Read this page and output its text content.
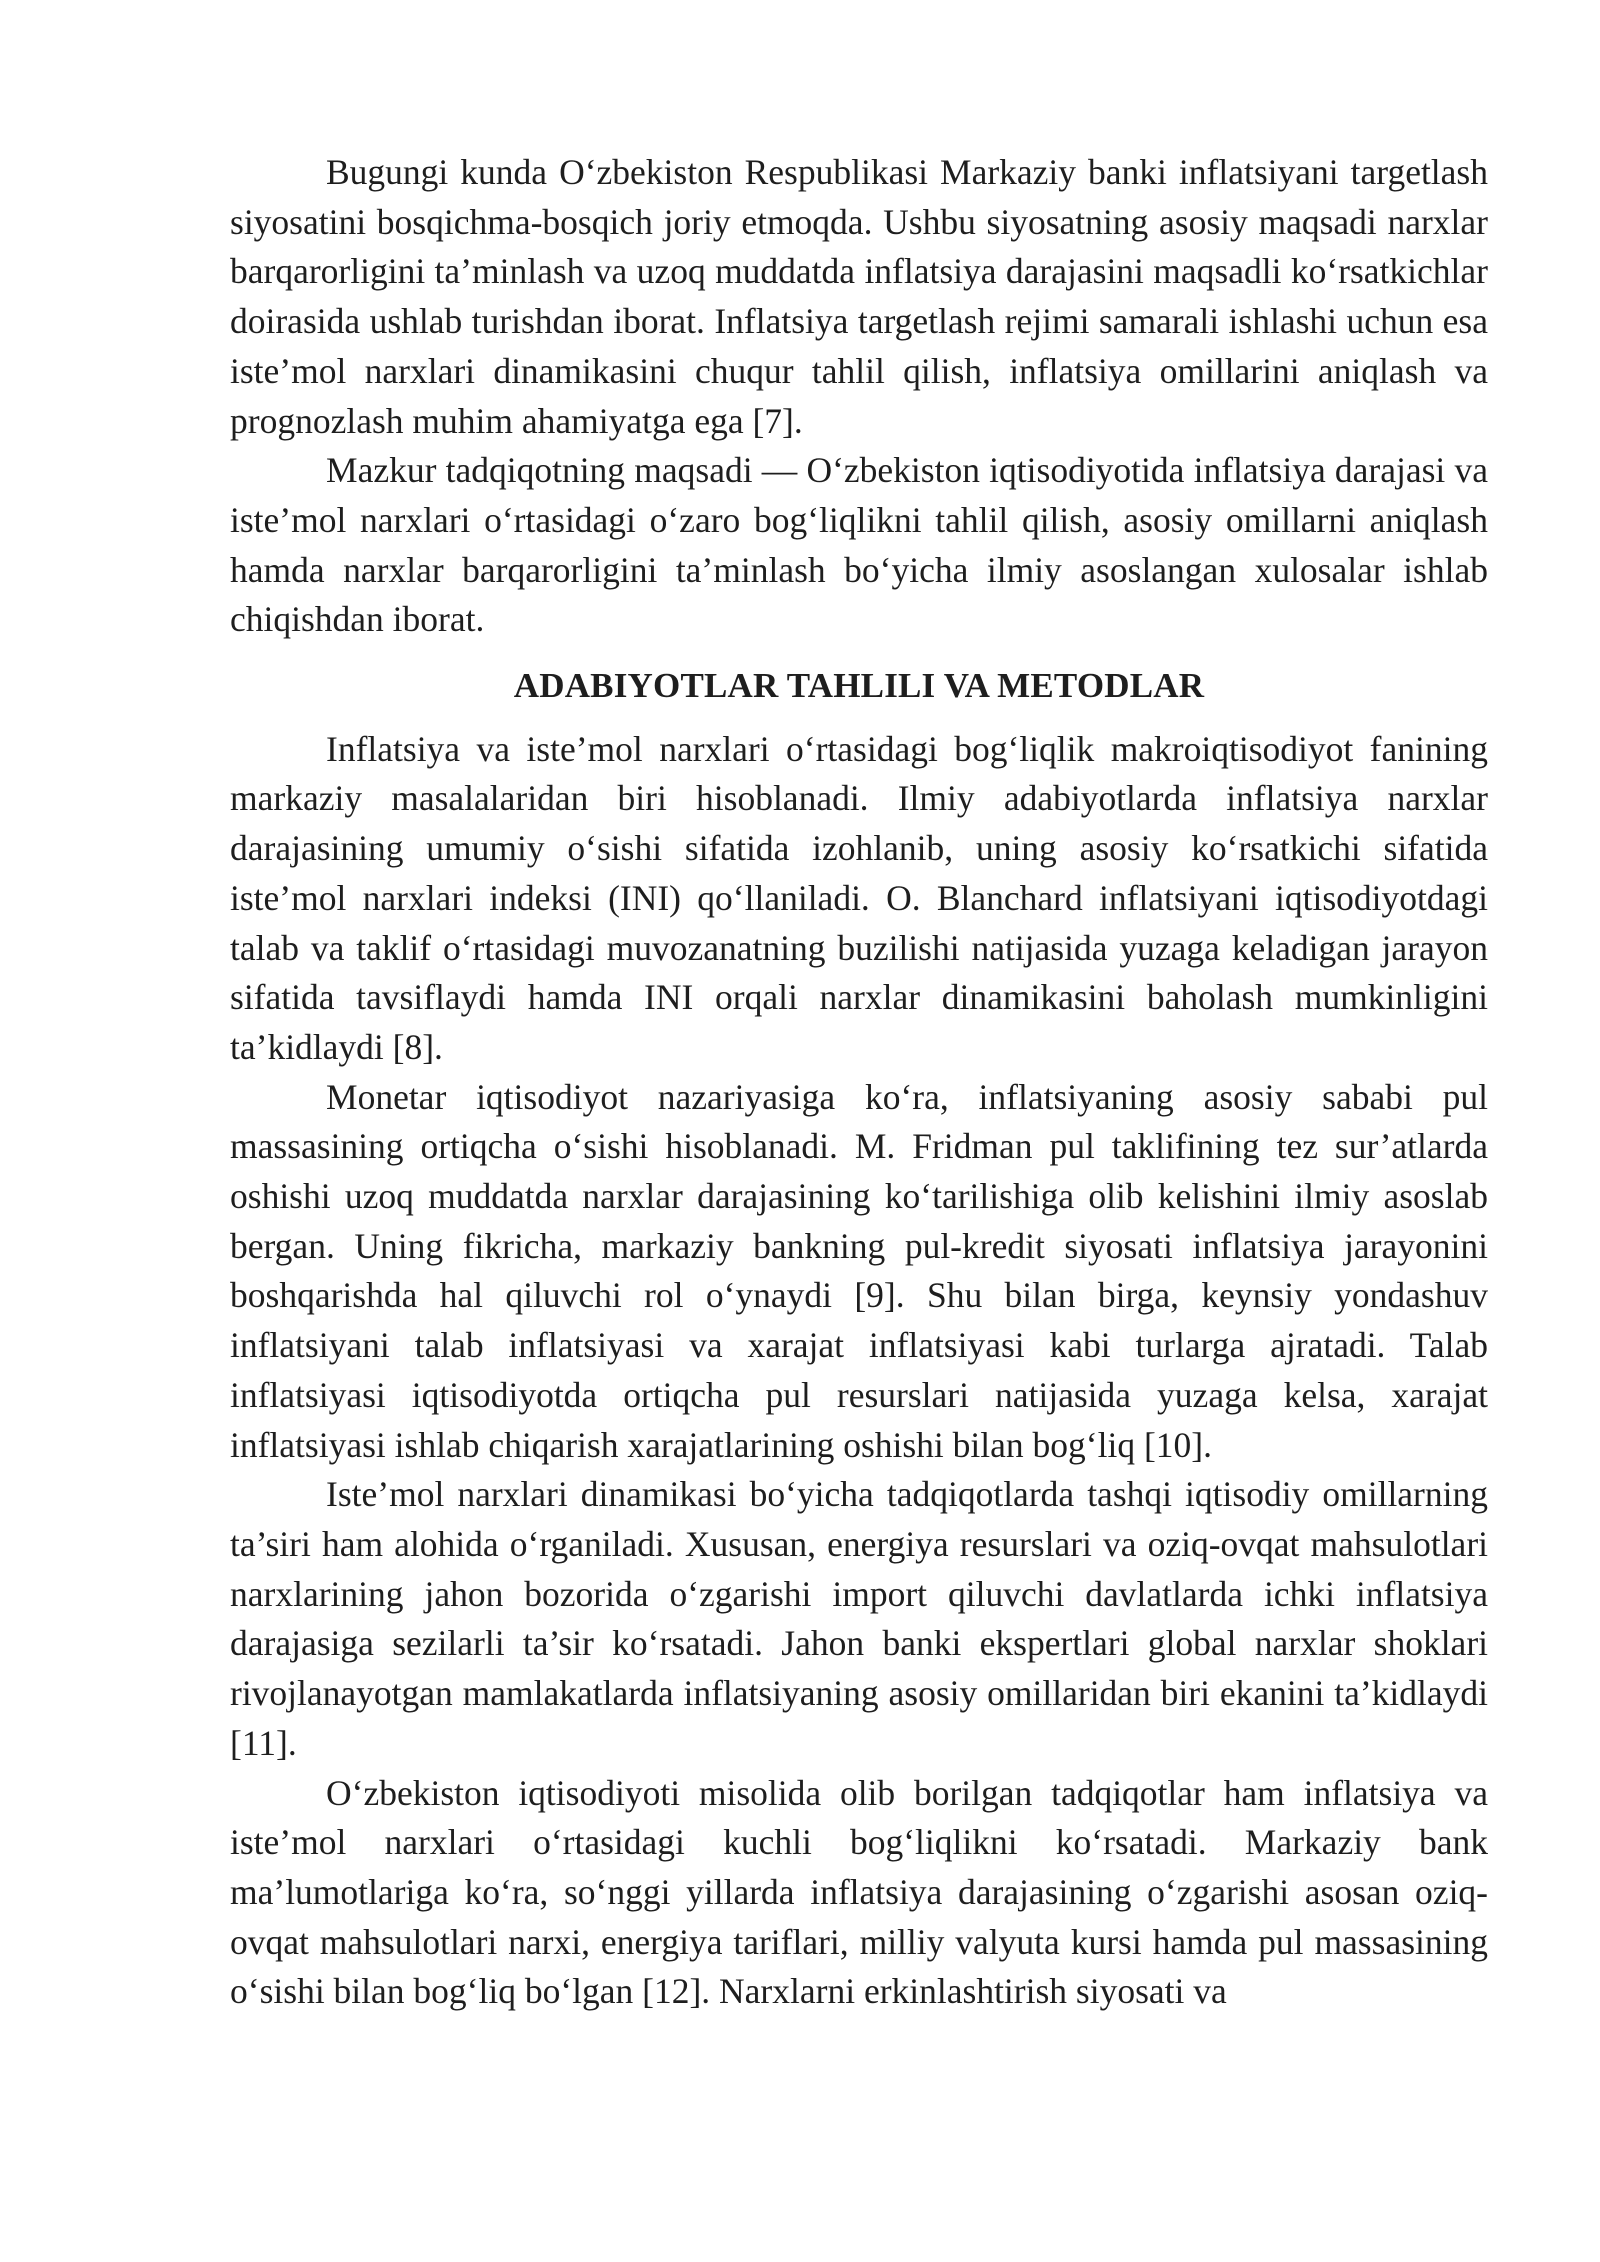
Bugungi kunda O‘zbekiston Respublikasi Markaziy banki inflatsiyani targetlash siyosatini bosqichma-bosqich joriy etmoqda. Ushbu siyosatning asosiy maqsadi narxlar barqarorligini ta’minlash va uzoq muddatda inflatsiya darajasini maqsadli ko‘rsatkichlar doirasida ushlab turishdan iborat. Inflatsiya targetlash rejimi samarali ishlashi uchun esa iste’mol narxlari dinamikasini chuqur tahlil qilish, inflatsiya omillarini aniqlash va prognozlash muhim ahamiyatga ega [7].

Mazkur tadqiqotning maqsadi — O‘zbekiston iqtisodiyotida inflatsiya darajasi va iste’mol narxlari o‘rtasidagi o‘zaro bog‘liqlikni tahlil qilish, asosiy omillarni aniqlash hamda narxlar barqarorligini ta’minlash bo‘yicha ilmiy asoslangan xulosalar ishlab chiqishdan iborat.

ADABIYOTLAR TAHLILI VA METODLAR

Inflatsiya va iste’mol narxlari o‘rtasidagi bog‘liqlik makroiqtisodiyot fanining markaziy masalalaridan biri hisoblanadi. Ilmiy adabiyotlarda inflatsiya narxlar darajasining umumiy o‘sishi sifatida izohlanib, uning asosiy ko‘rsatkichi sifatida iste’mol narxlari indeksi (INI) qo‘llaniladi. O. Blanchard inflatsiyani iqtisodiyotdagi talab va taklif o‘rtasidagi muvozanatning buzilishi natijasida yuzaga keladigan jarayon sifatida tavsiflaydi hamda INI orqali narxlar dinamikasini baholash mumkinligini ta’kidlaydi [8].

Monetar iqtisodiyot nazariyasiga ko‘ra, inflatsiyaning asosiy sababi pul massasining ortiqcha o‘sishi hisoblanadi. M. Fridman pul taklifining tez sur’atlarda oshishi uzoq muddatda narxlar darajasining ko‘tarilishiga olib kelishini ilmiy asoslab bergan. Uning fikricha, markaziy bankning pul-kredit siyosati inflatsiya jarayonini boshqarishda hal qiluvchi rol o‘ynaydi [9]. Shu bilan birga, keynsiy yondashuv inflatsiyani talab inflatsiyasi va xarajat inflatsiyasi kabi turlarga ajratadi. Talab inflatsiyasi iqtisodiyotda ortiqcha pul resurslari natijasida yuzaga kelsa, xarajat inflatsiyasi ishlab chiqarish xarajatlarining oshishi bilan bog‘liq [10].

Iste’mol narxlari dinamikasi bo‘yicha tadqiqotlarda tashqi iqtisodiy omillarning ta’siri ham alohida o‘rganiladi. Xususan, energiya resurslari va oziq-ovqat mahsulotlari narxlarining jahon bozorida o‘zgarishi import qiluvchi davlatlarda ichki inflatsiya darajasiga sezilarli ta’sir ko‘rsatadi. Jahon banki ekspertlari global narxlar shoklari rivojlanayotgan mamlakatlarda inflatsiyaning asosiy omillaridan biri ekanini ta’kidlaydi [11].

O‘zbekiston iqtisodiyoti misolida olib borilgan tadqiqotlar ham inflatsiya va iste’mol narxlari o‘rtasidagi kuchli bog‘liqlikni ko‘rsatadi. Markaziy bank ma’lumotlariga ko‘ra, so‘nggi yillarda inflatsiya darajasining o‘zgarishi asosan oziq-ovqat mahsulotlari narxi, energiya tariflari, milliy valyuta kursi hamda pul massasining o‘sishi bilan bog‘liq bo‘lgan [12]. Narxlarni erkinlashtirish siyosati va
